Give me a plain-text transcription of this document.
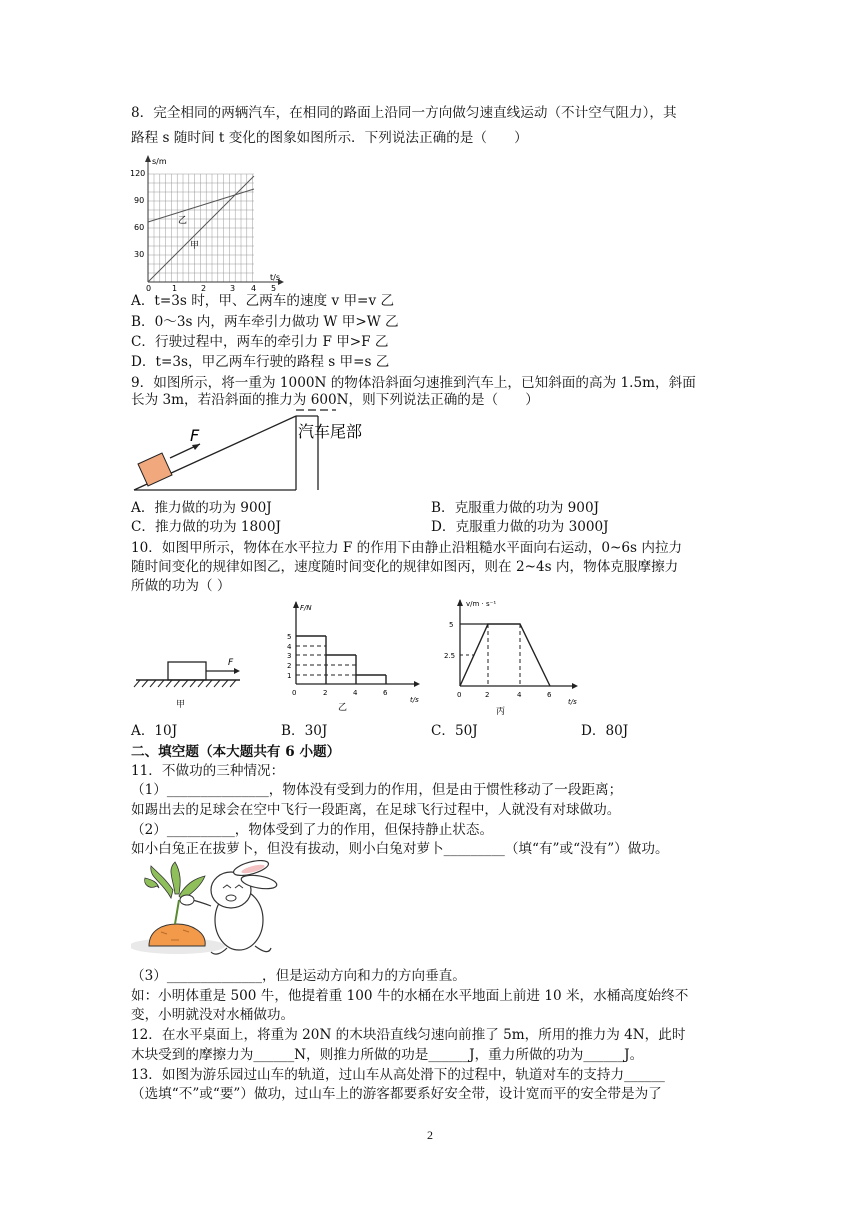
8．完全相同的两辆汽车，在相同的路面上沿同一方向做匀速直线运动（不计空气阻力），其
路程 s 随时间 t 变化的图象如图所示．下列说法正确的是（　　）
s/m
t/s
120
90
60
30
0	1	2	3 4 5
乙
甲
A．t=3s 时，甲、乙两车的速度 v 甲=v 乙
B．0～3s 内，两车牵引力做功 W 甲>W 乙
C．行驶过程中，两车的牵引力 F 甲>F 乙
D．t=3s，甲乙两车行驶的路程 s 甲=s 乙
9．如图所示，将一重为 1000N 的物体沿斜面匀速推到汽车上，已知斜面的高为 1.5m，斜面
长为 3m，若沿斜面的推力为 600N，则下列说法正确的是（　　）
F	汽车尾部
A．推力做的功为 900J	B．克服重力做的功为 900J
C．推力做的功为 1800J	D．克服重力做的功为 3000J
10．如图甲所示，物体在水平拉力 F 的作用下由静止沿粗糙水平面向右运动，0~6s 内拉力
随时间变化的规律如图乙，速度随时间变化的规律如图丙，则在 2~4s 内，物体克服摩擦力
所做的功为（ ）
F
甲
F/N
t/s
5
4
3
2
1
0	2	4	6
乙
v/m · s⁻¹
t/s
5
2.5
0	2	4	6
丙
A．10J	B．30J	C．50J	D．80J
二、填空题（本大题共有 6 小题）
11．不做功的三种情况：
（1）_______________，物体没有受到力的作用，但是由于惯性移动了一段距离；
如踢出去的足球会在空中飞行一段距离，在足球飞行过程中，人就没有对球做功。
（2）__________，物体受到了力的作用，但保持静止状态。
如小白兔正在拔萝卜，但没有拔动，则小白兔对萝卜_________（填“有”或“没有”）做功。
（3）______________，但是运动方向和力的方向垂直。
如：小明体重是 500 牛，他提着重 100 牛的水桶在水平地面上前进 10 米，水桶高度始终不
变，小明就没对水桶做功。
12．在水平桌面上，将重为 20N 的木块沿直线匀速向前推了 5m，所用的推力为 4N，此时
木块受到的摩擦力为______N，则推力所做的功是______J，重力所做的功为______J。
13．如图为游乐园过山车的轨道，过山车从高处滑下的过程中，轨道对车的支持力______
（选填“不”或“要”）做功，过山车上的游客都要系好安全带，设计宽而平的安全带是为了
2
